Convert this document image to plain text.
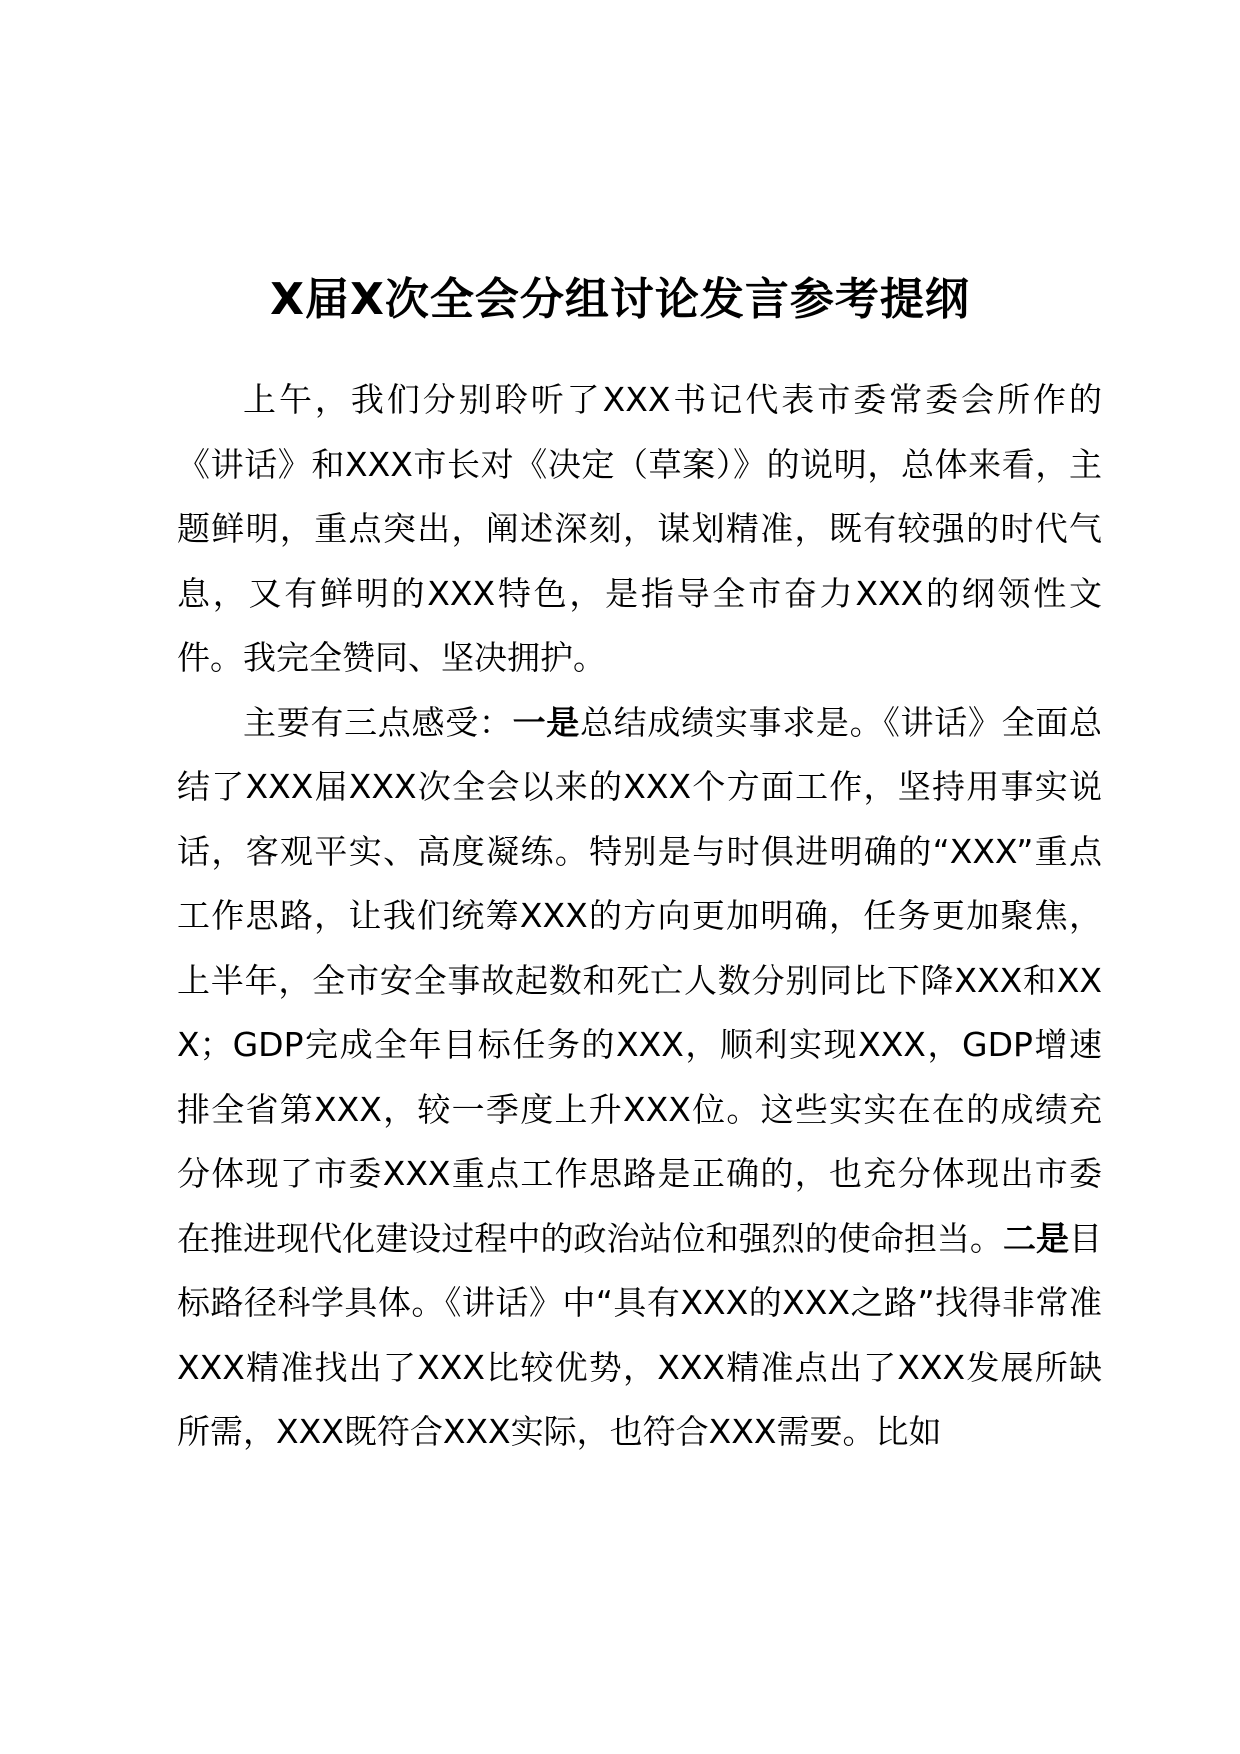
X届X次全会分组讨论发言参考提纲

上午，我们分别聆听了XXX书记代表市委常委会所作的《讲话》和XXX市长对《决定（草案）》的说明，总体来看，主题鲜明，重点突出，阐述深刻，谋划精准，既有较强的时代气息，又有鲜明的XXX特色，是指导全市奋力XXX的纲领性文件。我完全赞同、坚决拥护。

主要有三点感受：一是总结成绩实事求是。《讲话》全面总结了XXX届XXX次全会以来的XXX个方面工作，坚持用事实说话，客观平实、高度凝练。特别是与时俱进明确的“XXX”重点工作思路，让我们统筹XXX的方向更加明确，任务更加聚焦，上半年，全市安全事故起数和死亡人数分别同比下降XXX和XXX；GDP完成全年目标任务的XXX，顺利实现XXX，GDP增速排全省第XXX，较一季度上升XXX位。这些实实在在的成绩充分体现了市委XXX重点工作思路是正确的，也充分体现出市委在推进现代化建设过程中的政治站位和强烈的使命担当。二是目标路径科学具体。《讲话》中“具有XXX的XXX之路”找得非常准XXX精准找出了XXX比较优势，XXX精准点出了XXX发展所缺所需，XXX既符合XXX实际，也符合XXX需要。比如
